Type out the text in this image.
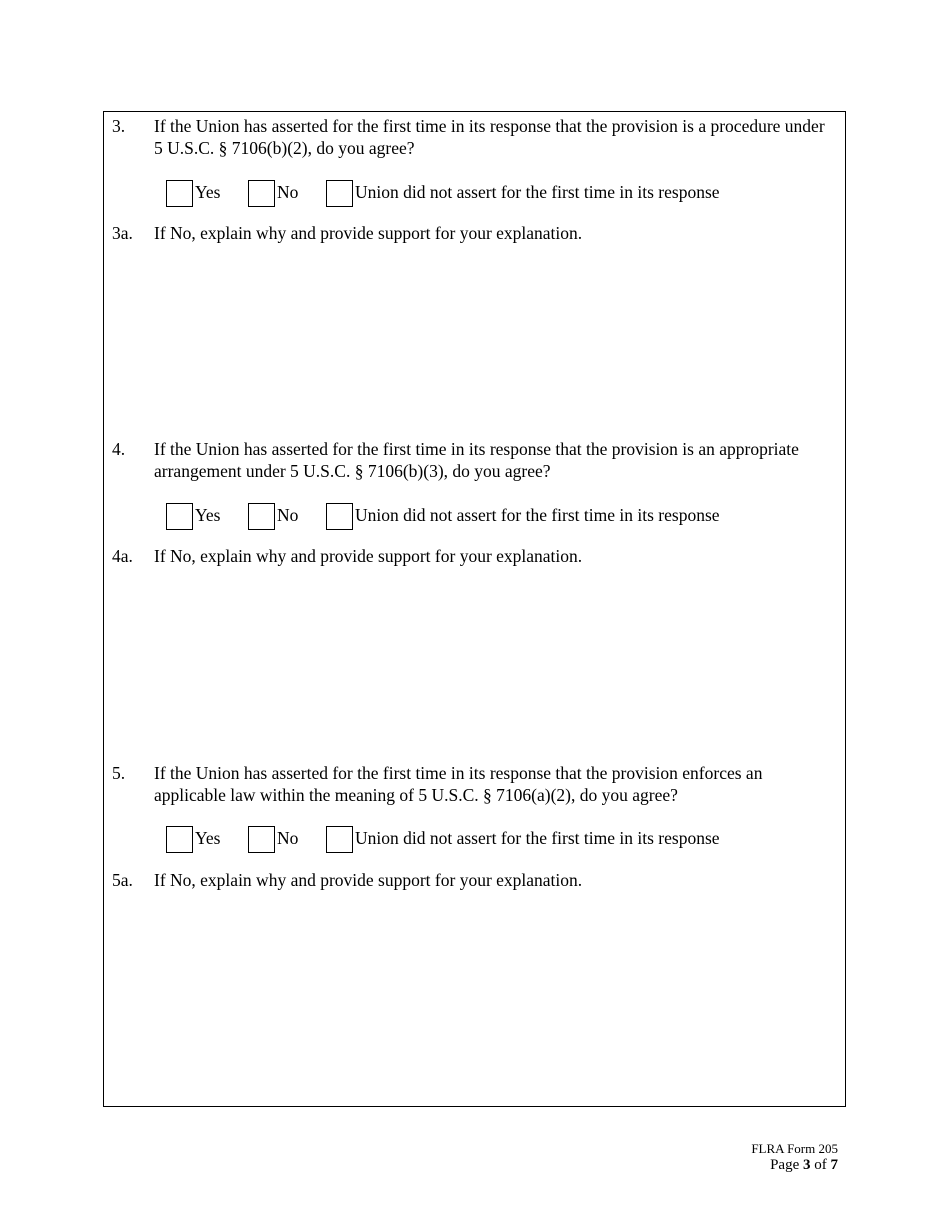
3. If the Union has asserted for the first time in its response that the provision is a procedure under 5 U.S.C. § 7106(b)(2), do you agree?
Yes	No	Union did not assert for the first time in its response
3a. If No, explain why and provide support for your explanation.
4. If the Union has asserted for the first time in its response that the provision is an appropriate arrangement under 5 U.S.C. § 7106(b)(3), do you agree?
Yes	No	Union did not assert for the first time in its response
4a. If No, explain why and provide support for your explanation.
5. If the Union has asserted for the first time in its response that the provision enforces an applicable law within the meaning of 5 U.S.C. § 7106(a)(2), do you agree?
Yes	No	Union did not assert for the first time in its response
5a. If No, explain why and provide support for your explanation.
FLRA Form 205
Page 3 of 7
